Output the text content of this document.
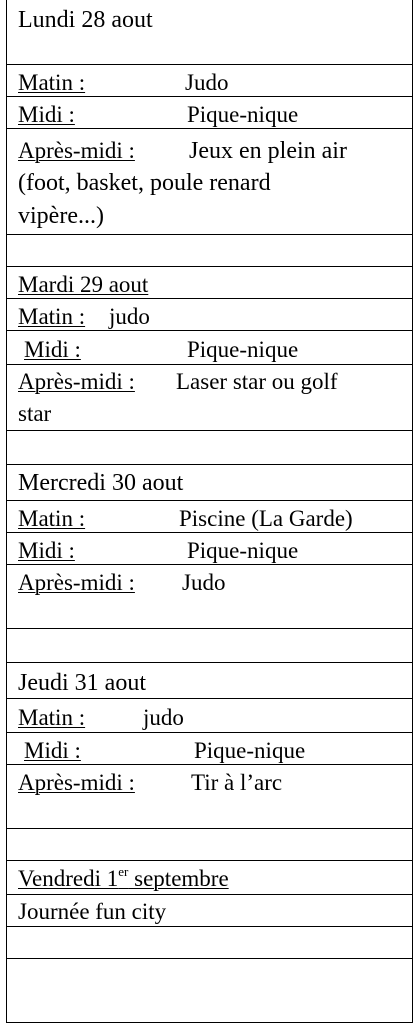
Lundi 28 aout
Matin :	Judo
Midi :	Pique-nique
Après-midi : Jeux en plein air
(foot, basket, poule renard
vipère...)
Mardi 29 aout
Matin : judo
Midi :	Pique-nique
Après-midi : Laser star ou golf
star
Mercredi 30 aout
Matin :	Piscine (La Garde)
Midi :	Pique-nique
Après-midi : Judo
Jeudi 31 aout
Matin :	judo
Midi :	Pique-nique
Après-midi : Tir à l’arc
Vendredi 1er septembre
Journée fun city
